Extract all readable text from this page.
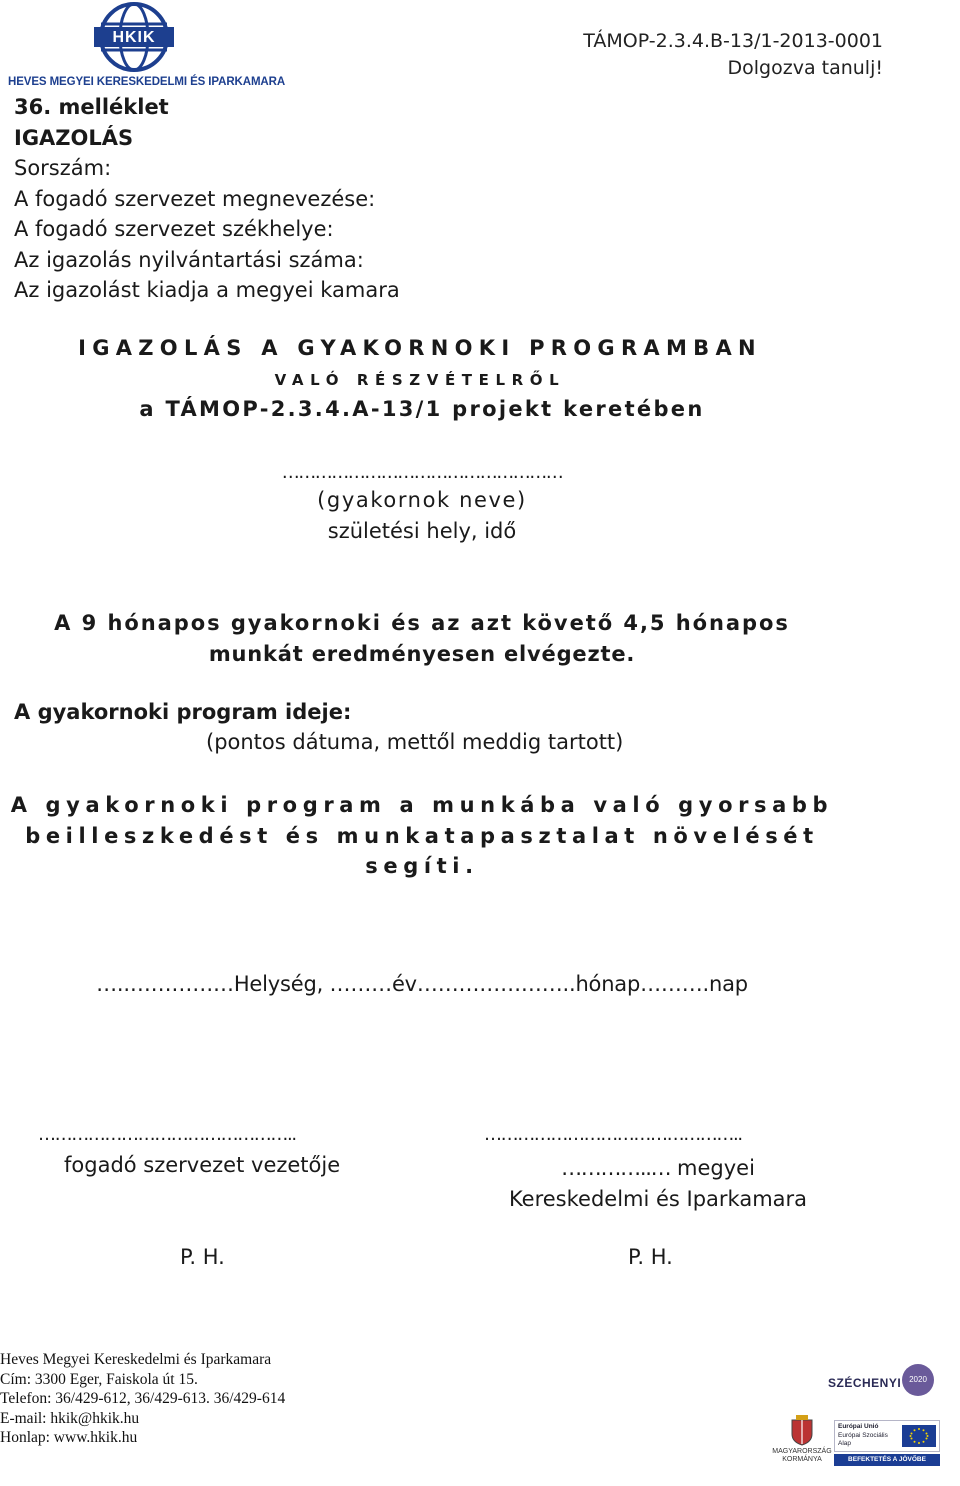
HKIK
HEVES MEGYEI KERESKEDELMI ÉS IPARKAMARA
TÁMOP-2.3.4.B-13/1-2013-0001
Dolgozva tanulj!
36. melléklet
IGAZOLÁS
Sorszám:
A fogadó szervezet megnevezése:
A fogadó szervezet székhelye:
Az igazolás nyilvántartási száma:
Az igazolást kiadja a megyei kamara
IGAZOLÁS A GYAKORNOKI PROGRAMBAN
VALÓ RÉSZVÉTELRŐL
a TÁMOP-2.3.4.A-13/1 projekt keretében
……………………………………………
(gyakornok neve)
születési hely, idő
A 9 hónapos gyakornoki és az azt követő 4,5 hónapos
munkát eredményesen elvégezte.
A gyakornoki program ideje:
(pontos dátuma, mettől meddig tartott)
A gyakornoki program a munkába való gyorsabb
beilleszkedést és munkatapasztalat növelését
segíti.
…..……………Helység, ………év…………………..hónap……….nap
………………………………………..	………………………………………..
fogadó szervezet vezetője	…………..… megyei
Kereskedelmi és Iparkamara
P. H.	P. H.
Heves Megyei Kereskedelmi és Iparkamara
Cím: 3300 Eger, Faiskola út 15.
Telefon: 36/429-612, 36/429-613. 36/429-614
E-mail: hkik@hkik.hu
Honlap: www.hkik.hu
SZÉCHENYI 2020
MAGYARORSZÁG KORMÁNYA
Európai Unió
Európai Szociális
Alap
BEFEKTETÉS A JÖVŐBE
